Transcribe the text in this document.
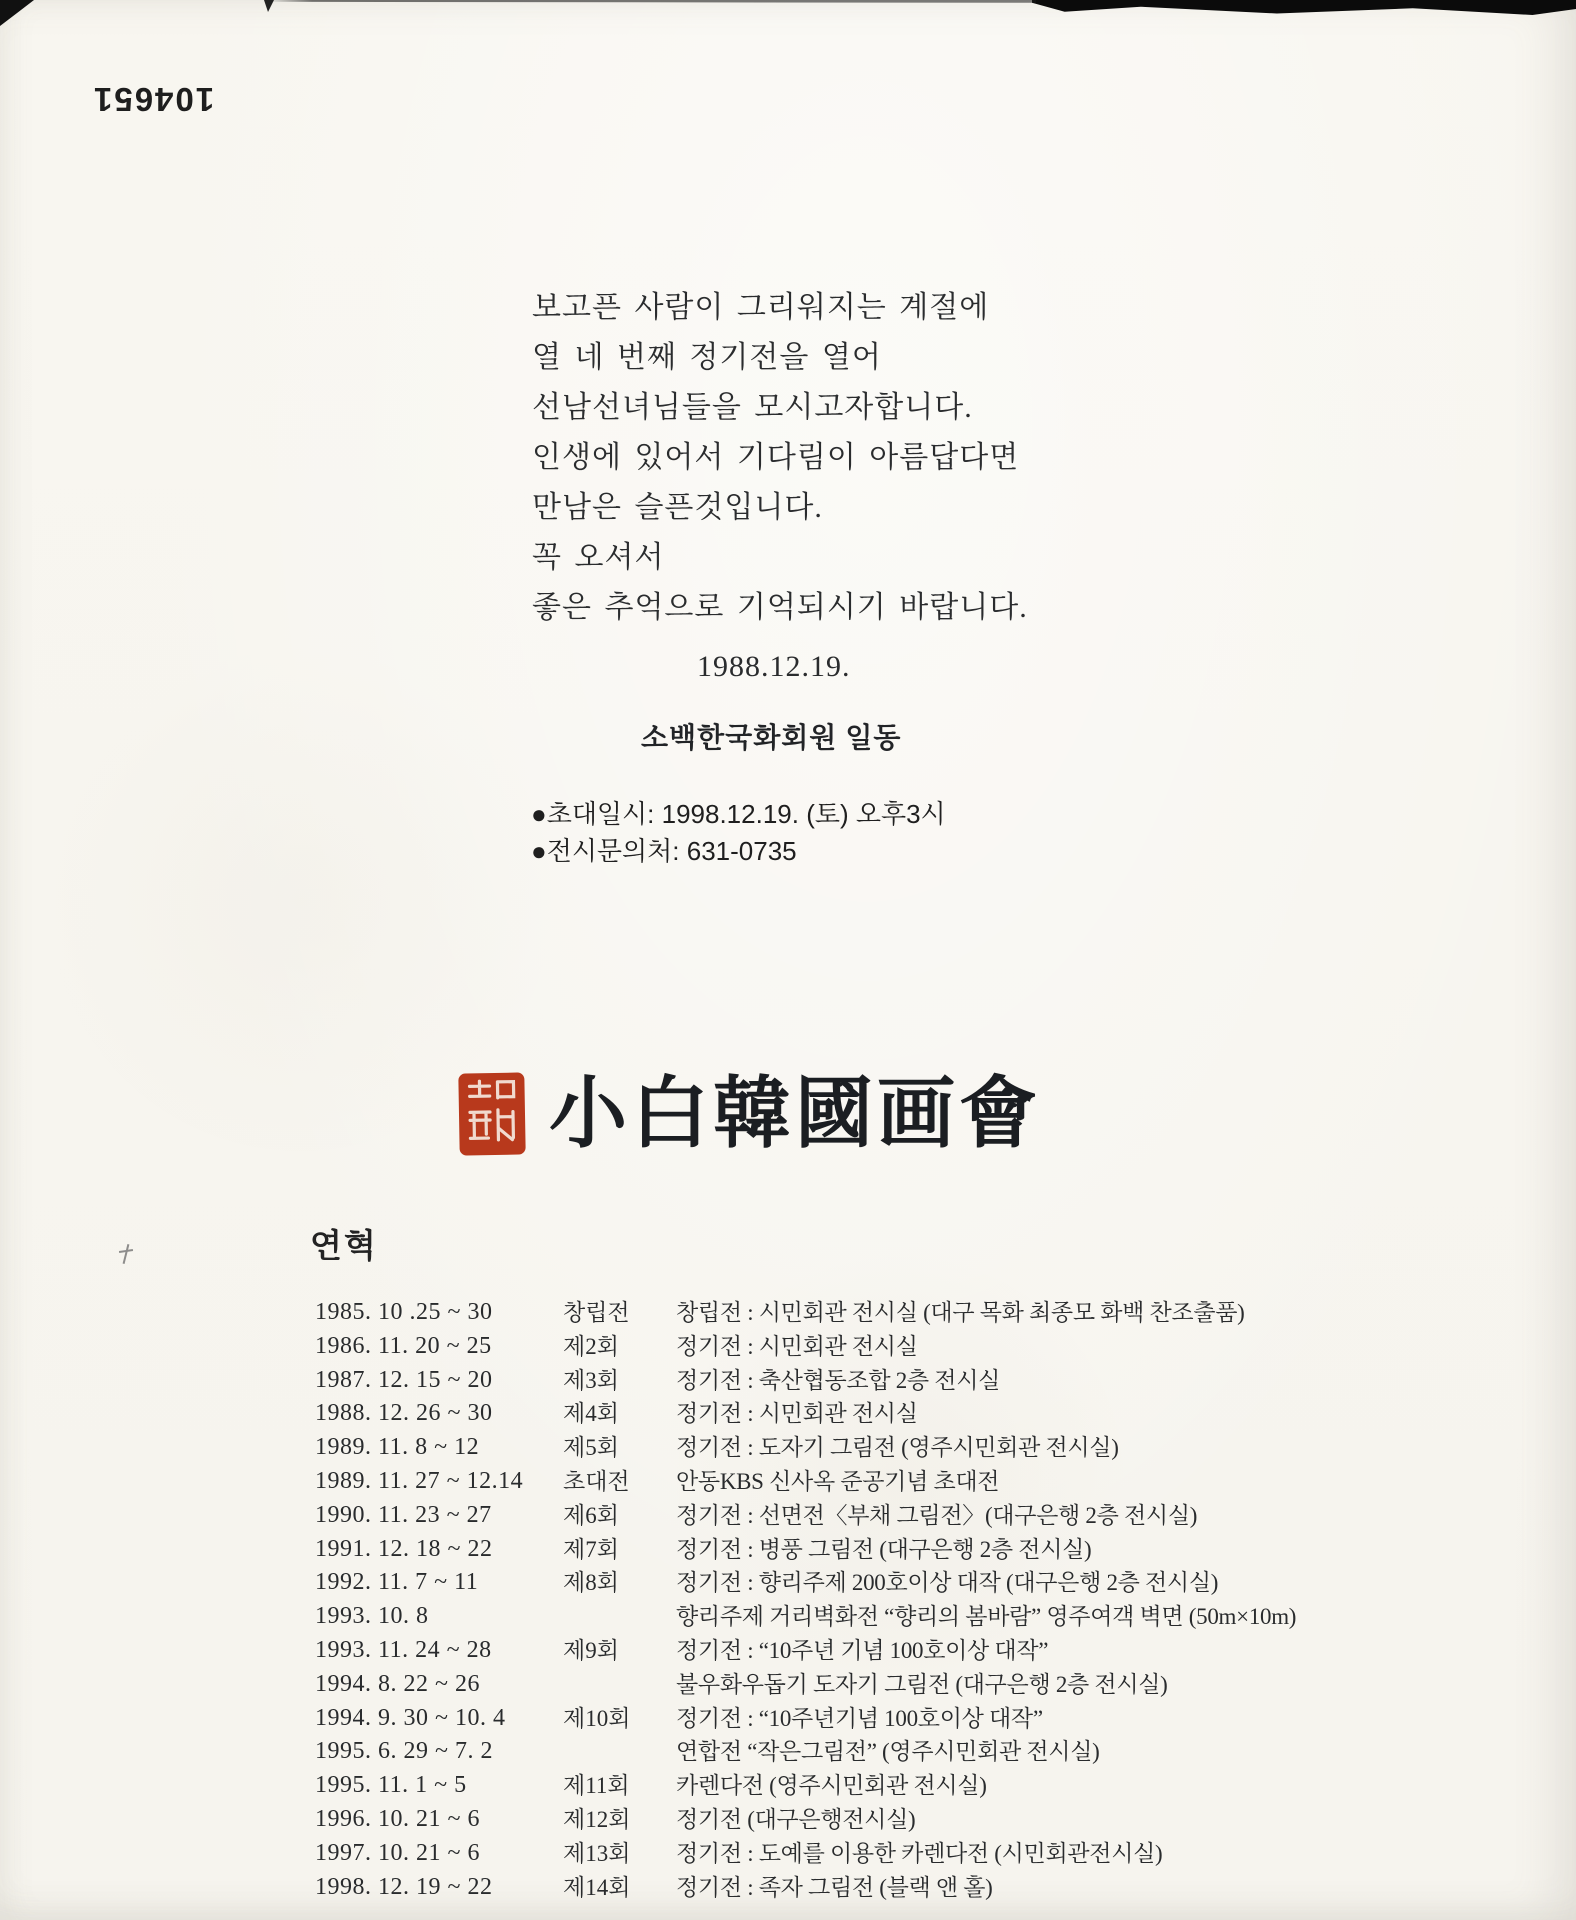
104651
보고픈 사람이 그리워지는 계절에
열 네 번째 정기전을 열어
선남선녀님들을 모시고자합니다.
인생에 있어서 기다림이 아름답다면
만남은 슬픈것입니다.
꼭 오셔서
좋은 추억으로 기억되시기 바랍니다.
1988.12.19.
소백한국화회원 일동
●초대일시: 1998.12.19. (토) 오후3시
●전시문의처: 631-0735
小白韓國画會
연혁
1985. 10 .25 ~ 30	창립전 창립전 : 시민회관 전시실 (대구 목화 최종모 화백 찬조출품)
1986. 11. 20 ~ 25	제2회 정기전 : 시민회관 전시실
1987. 12. 15 ~ 20	제3회 정기전 : 축산협동조합 2층 전시실
1988. 12. 26 ~ 30	제4회 정기전 : 시민회관 전시실
1989. 11. 8 ~ 12	제5회 정기전 : 도자기 그림전 (영주시민회관 전시실)
1989. 11. 27 ~ 12.14 초대전 안동KBS 신사옥 준공기념 초대전
1990. 11. 23 ~ 27	제6회 정기전 : 선면전〈부채 그림전〉(대구은행 2층 전시실)
1991. 12. 18 ~ 22	제7회 정기전 : 병풍 그림전 (대구은행 2층 전시실)
1992. 11. 7 ~ 11	제8회 정기전 : 향리주제 200호이상 대작 (대구은행 2층 전시실)
1993. 10. 8	향리주제 거리벽화전 “향리의 봄바람” 영주여객 벽면 (50m×10m)
1993. 11. 24 ~ 28	제9회 정기전 : “10주년 기념 100호이상 대작”
1994. 8. 22 ~ 26	불우화우돕기 도자기 그림전 (대구은행 2층 전시실)
1994. 9. 30 ~ 10. 4	제10회 정기전 : “10주년기념 100호이상 대작”
1995. 6. 29 ~ 7. 2	연합전 “작은그림전” (영주시민회관 전시실)
1995. 11. 1 ~ 5	제11회 카렌다전 (영주시민회관 전시실)
1996. 10. 21 ~ 6	제12회 정기전 (대구은행전시실)
1997. 10. 21 ~ 6	제13회 정기전 : 도예를 이용한 카렌다전 (시민회관전시실)
1998. 12. 19 ~ 22	제14회 정기전 : 족자 그림전 (블랙 앤 홀)
